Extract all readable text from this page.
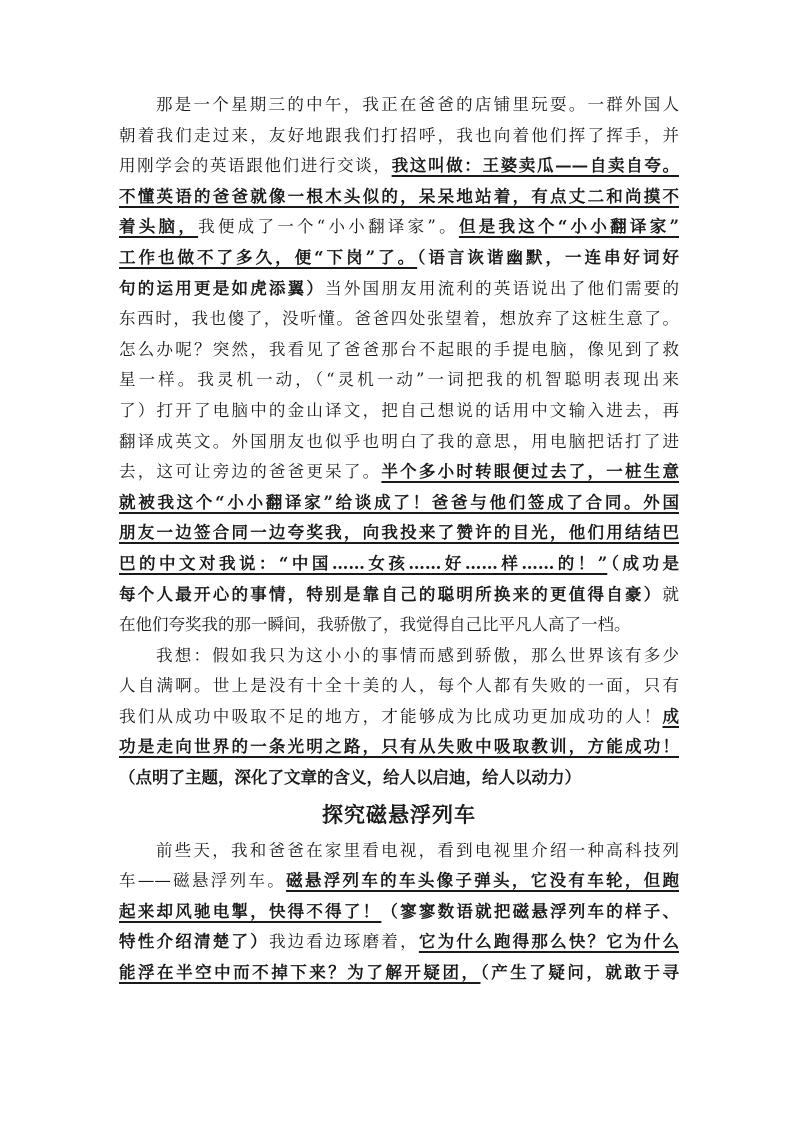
那是一个星期三的中午，我正在爸爸的店铺里玩耍。一群外国人
朝着我们走过来，友好地跟我们打招呼，我也向着他们挥了挥手，并
用刚学会的英语跟他们进行交谈，我这叫做：王婆卖瓜——自卖自夸。
不懂英语的爸爸就像一根木头似的，呆呆地站着，有点丈二和尚摸不
着头脑，我便成了一个“小小翻译家”。但是我这个“小小翻译家”
工作也做不了多久，便“下岗”了。（语言诙谐幽默，一连串好词好
句的运用更是如虎添翼）当外国朋友用流利的英语说出了他们需要的
东西时，我也傻了，没听懂。爸爸四处张望着，想放弃了这桩生意了。
怎么办呢？突然，我看见了爸爸那台不起眼的手提电脑，像见到了救
星一样。我灵机一动，（“灵机一动”一词把我的机智聪明表现出来
了）打开了电脑中的金山译文，把自己想说的话用中文输入进去，再
翻译成英文。外国朋友也似乎也明白了我的意思，用电脑把话打了进
去，这可让旁边的爸爸更呆了。半个多小时转眼便过去了，一桩生意
就被我这个“小小翻译家”给谈成了！爸爸与他们签成了合同。外国
朋友一边签合同一边夸奖我，向我投来了赞许的目光，他们用结结巴
巴的中文对我说：“中国……女孩……好……样……的！”（成功是
每个人最开心的事情，特别是靠自己的聪明所换来的更值得自豪）就
在他们夸奖我的那一瞬间，我骄傲了，我觉得自己比平凡人高了一档。
我想：假如我只为这小小的事情而感到骄傲，那么世界该有多少
人自满啊。世上是没有十全十美的人，每个人都有失败的一面，只有
我们从成功中吸取不足的地方，才能够成为比成功更加成功的人！成
功是走向世界的一条光明之路，只有从失败中吸取教训，方能成功！
（点明了主题，深化了文章的含义，给人以启迪，给人以动力）
探究磁悬浮列车
前些天，我和爸爸在家里看电视，看到电视里介绍一种高科技列
车——磁悬浮列车。磁悬浮列车的车头像子弹头，它没有车轮，但跑
起来却风驰电掣，快得不得了！（寥寥数语就把磁悬浮列车的样子、
特性介绍清楚了）我边看边琢磨着，它为什么跑得那么快？它为什么
能浮在半空中而不掉下来？为了解开疑团，（产生了疑问，就敢于寻
